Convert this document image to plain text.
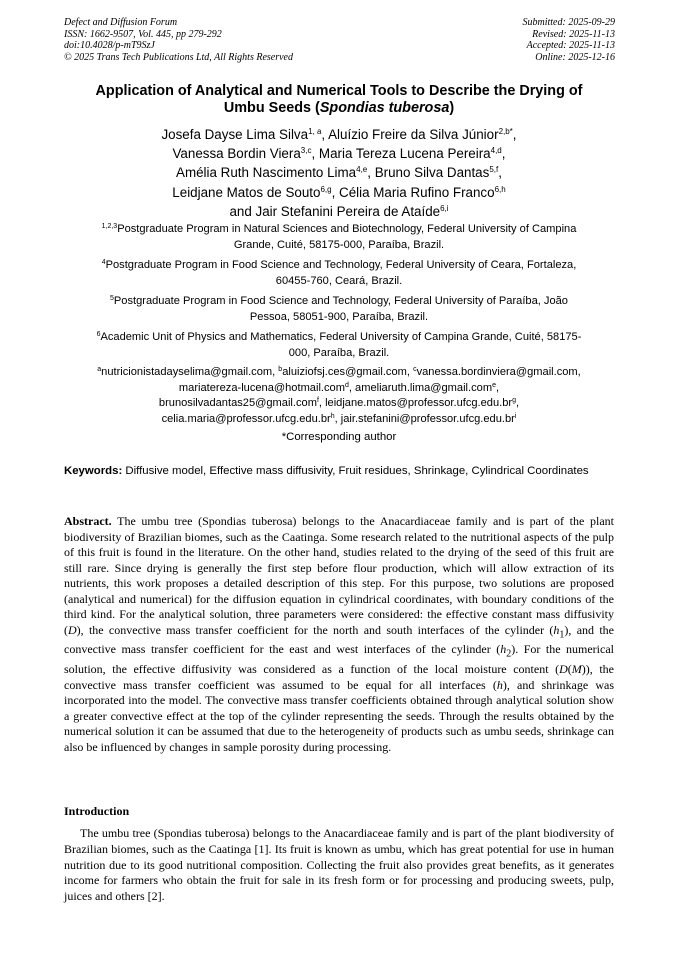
Defect and Diffusion Forum
ISSN: 1662-9507, Vol. 445, pp 279-292
doi:10.4028/p-mT9SzJ
© 2025 Trans Tech Publications Ltd, All Rights Reserved
Submitted: 2025-09-29
Revised: 2025-11-13
Accepted: 2025-11-13
Online: 2025-12-16
Application of Analytical and Numerical Tools to Describe the Drying of
Umbu Seeds (Spondias tuberosa)
Josefa Dayse Lima Silva$^{1, a}$, Aluízio Freire da Silva Júnior$^{2,b*}$,
Vanessa Bordin Viera$^{3,c}$, Maria Tereza Lucena Pereira$^{4,d}$,
Amélia Ruth Nascimento Lima$^{4,e}$, Bruno Silva Dantas$^{5,f}$,
Leidjane Matos de Souto$^{6,g}$, Célia Maria Rufino Franco$^{6,h}$
and Jair Stefanini Pereira de Ataíde$^{6,i}$
$^{1,2,3}$Postgraduate Program in Natural Sciences and Biotechnology, Federal University of Campina
Grande, Cuité, 58175-000, Paraíba, Brazil.
$^4$Postgraduate Program in Food Science and Technology, Federal University of Ceara, Fortaleza,
60455-760, Ceará, Brazil.
$^5$Postgraduate Program in Food Science and Technology, Federal University of Paraíba, João
Pessoa, 58051-900, Paraíba, Brazil.
$^6$Academic Unit of Physics and Mathematics, Federal University of Campina Grande, Cuité, 58175-
000, Paraíba, Brazil.
$^a$nutricionistadayselima@gmail.com, $^b$aluiziofsj.ces@gmail.com, $^c$vanessa.bordinviera@gmail.com,
mariatereza-lucena@hotmail.com$^d$, ameliaruth.lima@gmail.com$^e$,
brunosilvadantas25@gmail.com$^f$, $leidjane.matos@professor.ufcg.edu.br^g$,
$celia.maria@professor.ufcg.edu.br^h$, $jair.stefanini@professor.ufcg.edu.br^i$
*Corresponding author
Keywords: Diffusive model, Effective mass diffusivity, Fruit residues, Shrinkage, Cylindrical Coordinates

Abstract. The umbu tree (Spondias tuberosa) belongs to the Anacardiaceae family and is part of the plant biodiversity of Brazilian biomes, such as the Caatinga. Some research related to the nutritional aspects of the pulp of this fruit is found in the literature. On the other hand, studies related to the drying of the seed of this fruit are still rare. Since drying is generally the first step before flour production, which will allow extraction of its nutrients, this work proposes a detailed description of this step. For this purpose, two solutions are proposed (analytical and numerical) for the diffusion equation in cylindrical coordinates, with boundary conditions of the third kind. For the analytical solution, three parameters were considered: the effective constant mass diffusivity (D), the convective mass transfer coefficient for the north and south interfaces of the cylinder $(h_1)$, and the convective mass transfer coefficient for the east and west interfaces of the cylinder $(h_2)$. For the numerical solution, the effective diffusivity was considered as a function of the local moisture content (D(M)), the convective mass transfer coefficient was assumed to be equal for all interfaces (h), and shrinkage was incorporated into the model. The convective mass transfer coefficients obtained through analytical solution show a greater convective effect at the top of the cylinder representing the seeds. Through the results obtained by the numerical solution it can be assumed that due to the heterogeneity of products such as umbu seeds, shrinkage can also be influenced by changes in sample porosity during processing.

Introduction

The umbu tree (Spondias tuberosa) belongs to the Anacardiaceae family and is part of the plant biodiversity of Brazilian biomes, such as the Caatinga [1]. Its fruit is known as umbu, which has great potential for use in human nutrition due to its good nutritional composition. Collecting the fruit also provides great benefits, as it generates income for farmers who obtain the fruit for sale in its fresh form or for processing and producing sweets, pulp, juices and others [2].
